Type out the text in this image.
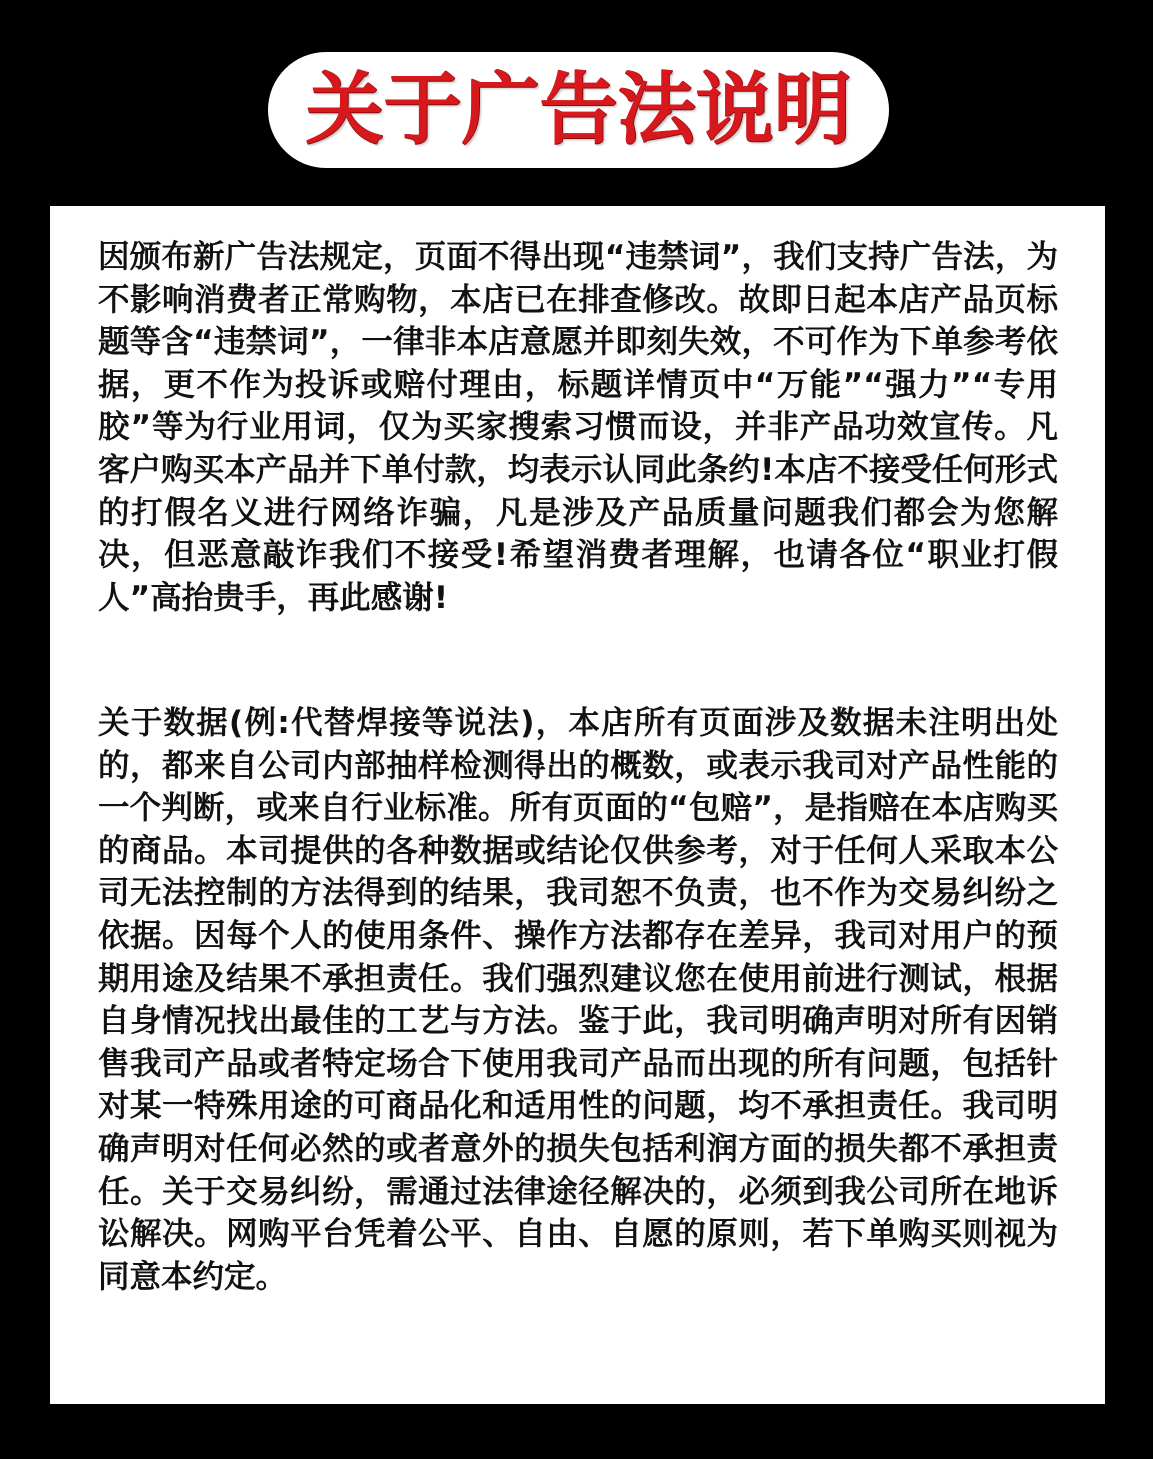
关于广告法说明

因颁布新广告法规定，页面不得出现“违禁词”，我们支持广告法，为不影响消费者正常购物，本店已在排查修改。故即日起本店产品页标题等含“违禁词”，一律非本店意愿并即刻失效，不可作为下单参考依据，更不作为投诉或赔付理由，标题详情页中“万能”“强力”“专用胶”等为行业用词，仅为买家搜索习惯而设，并非产品功效宣传。凡客户购买本产品并下单付款，均表示认同此条约!本店不接受任何形式的打假名义进行网络诈骗，凡是涉及产品质量问题我们都会为您解决，但恶意敲诈我们不接受!希望消费者理解，也请各位“职业打假人”高抬贵手，再此感谢!

关于数据(例:代替焊接等说法)，本店所有页面涉及数据未注明出处的，都来自公司内部抽样检测得出的概数，或表示我司对产品性能的一个判断，或来自行业标准。所有页面的“包赔”，是指赔在本店购买的商品。本司提供的各种数据或结论仅供参考，对于任何人采取本公司无法控制的方法得到的结果，我司恕不负责，也不作为交易纠纷之依据。因每个人的使用条件、操作方法都存在差异，我司对用户的预期用途及结果不承担责任。我们强烈建议您在使用前进行测试，根据自身情况找出最佳的工艺与方法。鉴于此，我司明确声明对所有因销售我司产品或者特定场合下使用我司产品而出现的所有问题，包括针对某一特殊用途的可商品化和适用性的问题，均不承担责任。我司明确声明对任何必然的或者意外的损失包括利润方面的损失都不承担责任。关于交易纠纷，需通过法律途径解决的，必须到我公司所在地诉讼解决。网购平台凭着公平、自由、自愿的原则，若下单购买则视为同意本约定。
